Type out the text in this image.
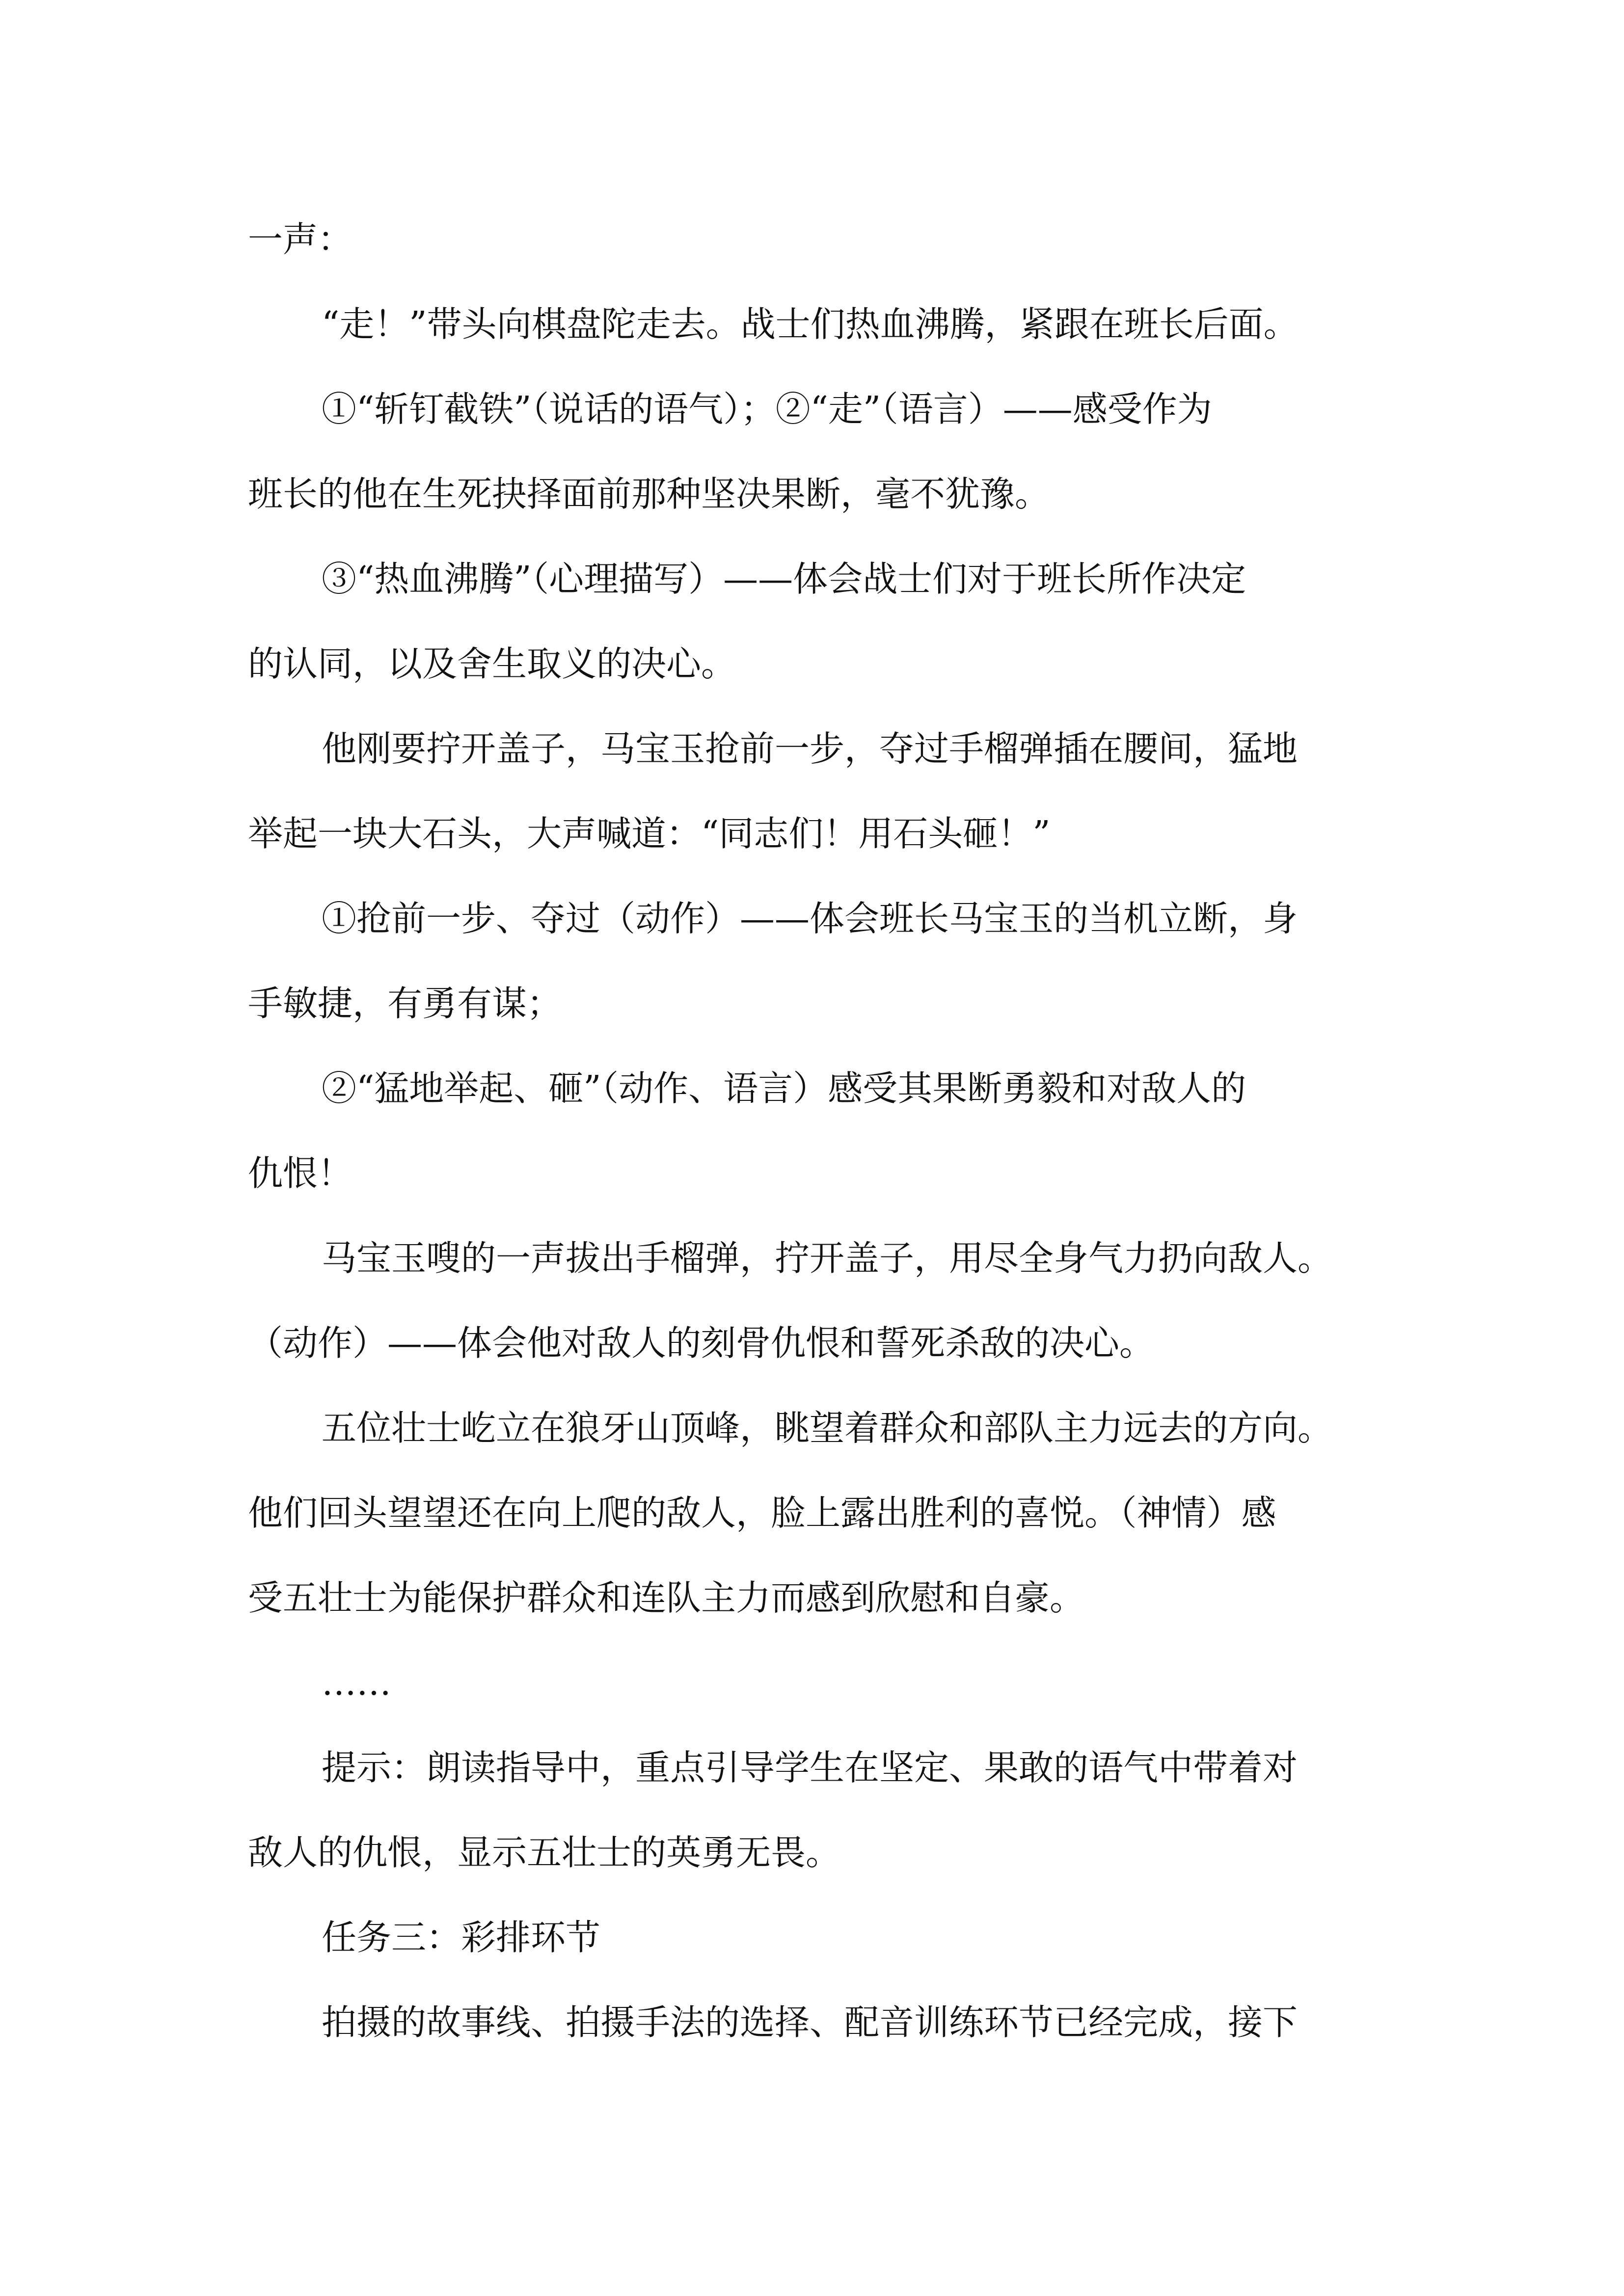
一声：

“走！”带头向棋盘陀走去。战士们热血沸腾，紧跟在班长后面。

①“斩钉截铁”（说话的语气）；②“走”（语言）——感受作为

班长的他在生死抉择面前那种坚决果断，毫不犹豫。

③“热血沸腾”（心理描写）——体会战士们对于班长所作决定

的认同，以及舍生取义的决心。

他刚要拧开盖子，马宝玉抢前一步，夺过手榴弹插在腰间，猛地

举起一块大石头，大声喊道：“同志们！用石头砸！”

①抢前一步、夺过（动作）——体会班长马宝玉的当机立断，身

手敏捷，有勇有谋；

②“猛地举起、砸”（动作、语言）感受其果断勇毅和对敌人的

仇恨！

马宝玉嗖的一声拔出手榴弹，拧开盖子，用尽全身气力扔向敌人。

（动作）——体会他对敌人的刻骨仇恨和誓死杀敌的决心。

五位壮士屹立在狼牙山顶峰，眺望着群众和部队主力远去的方向。

他们回头望望还在向上爬的敌人，脸上露出胜利的喜悦。（神情）感

受五壮士为能保护群众和连队主力而感到欣慰和自豪。

……

提示：朗读指导中，重点引导学生在坚定、果敢的语气中带着对

敌人的仇恨，显示五壮士的英勇无畏。

任务三：彩排环节

拍摄的故事线、拍摄手法的选择、配音训练环节已经完成，接下
